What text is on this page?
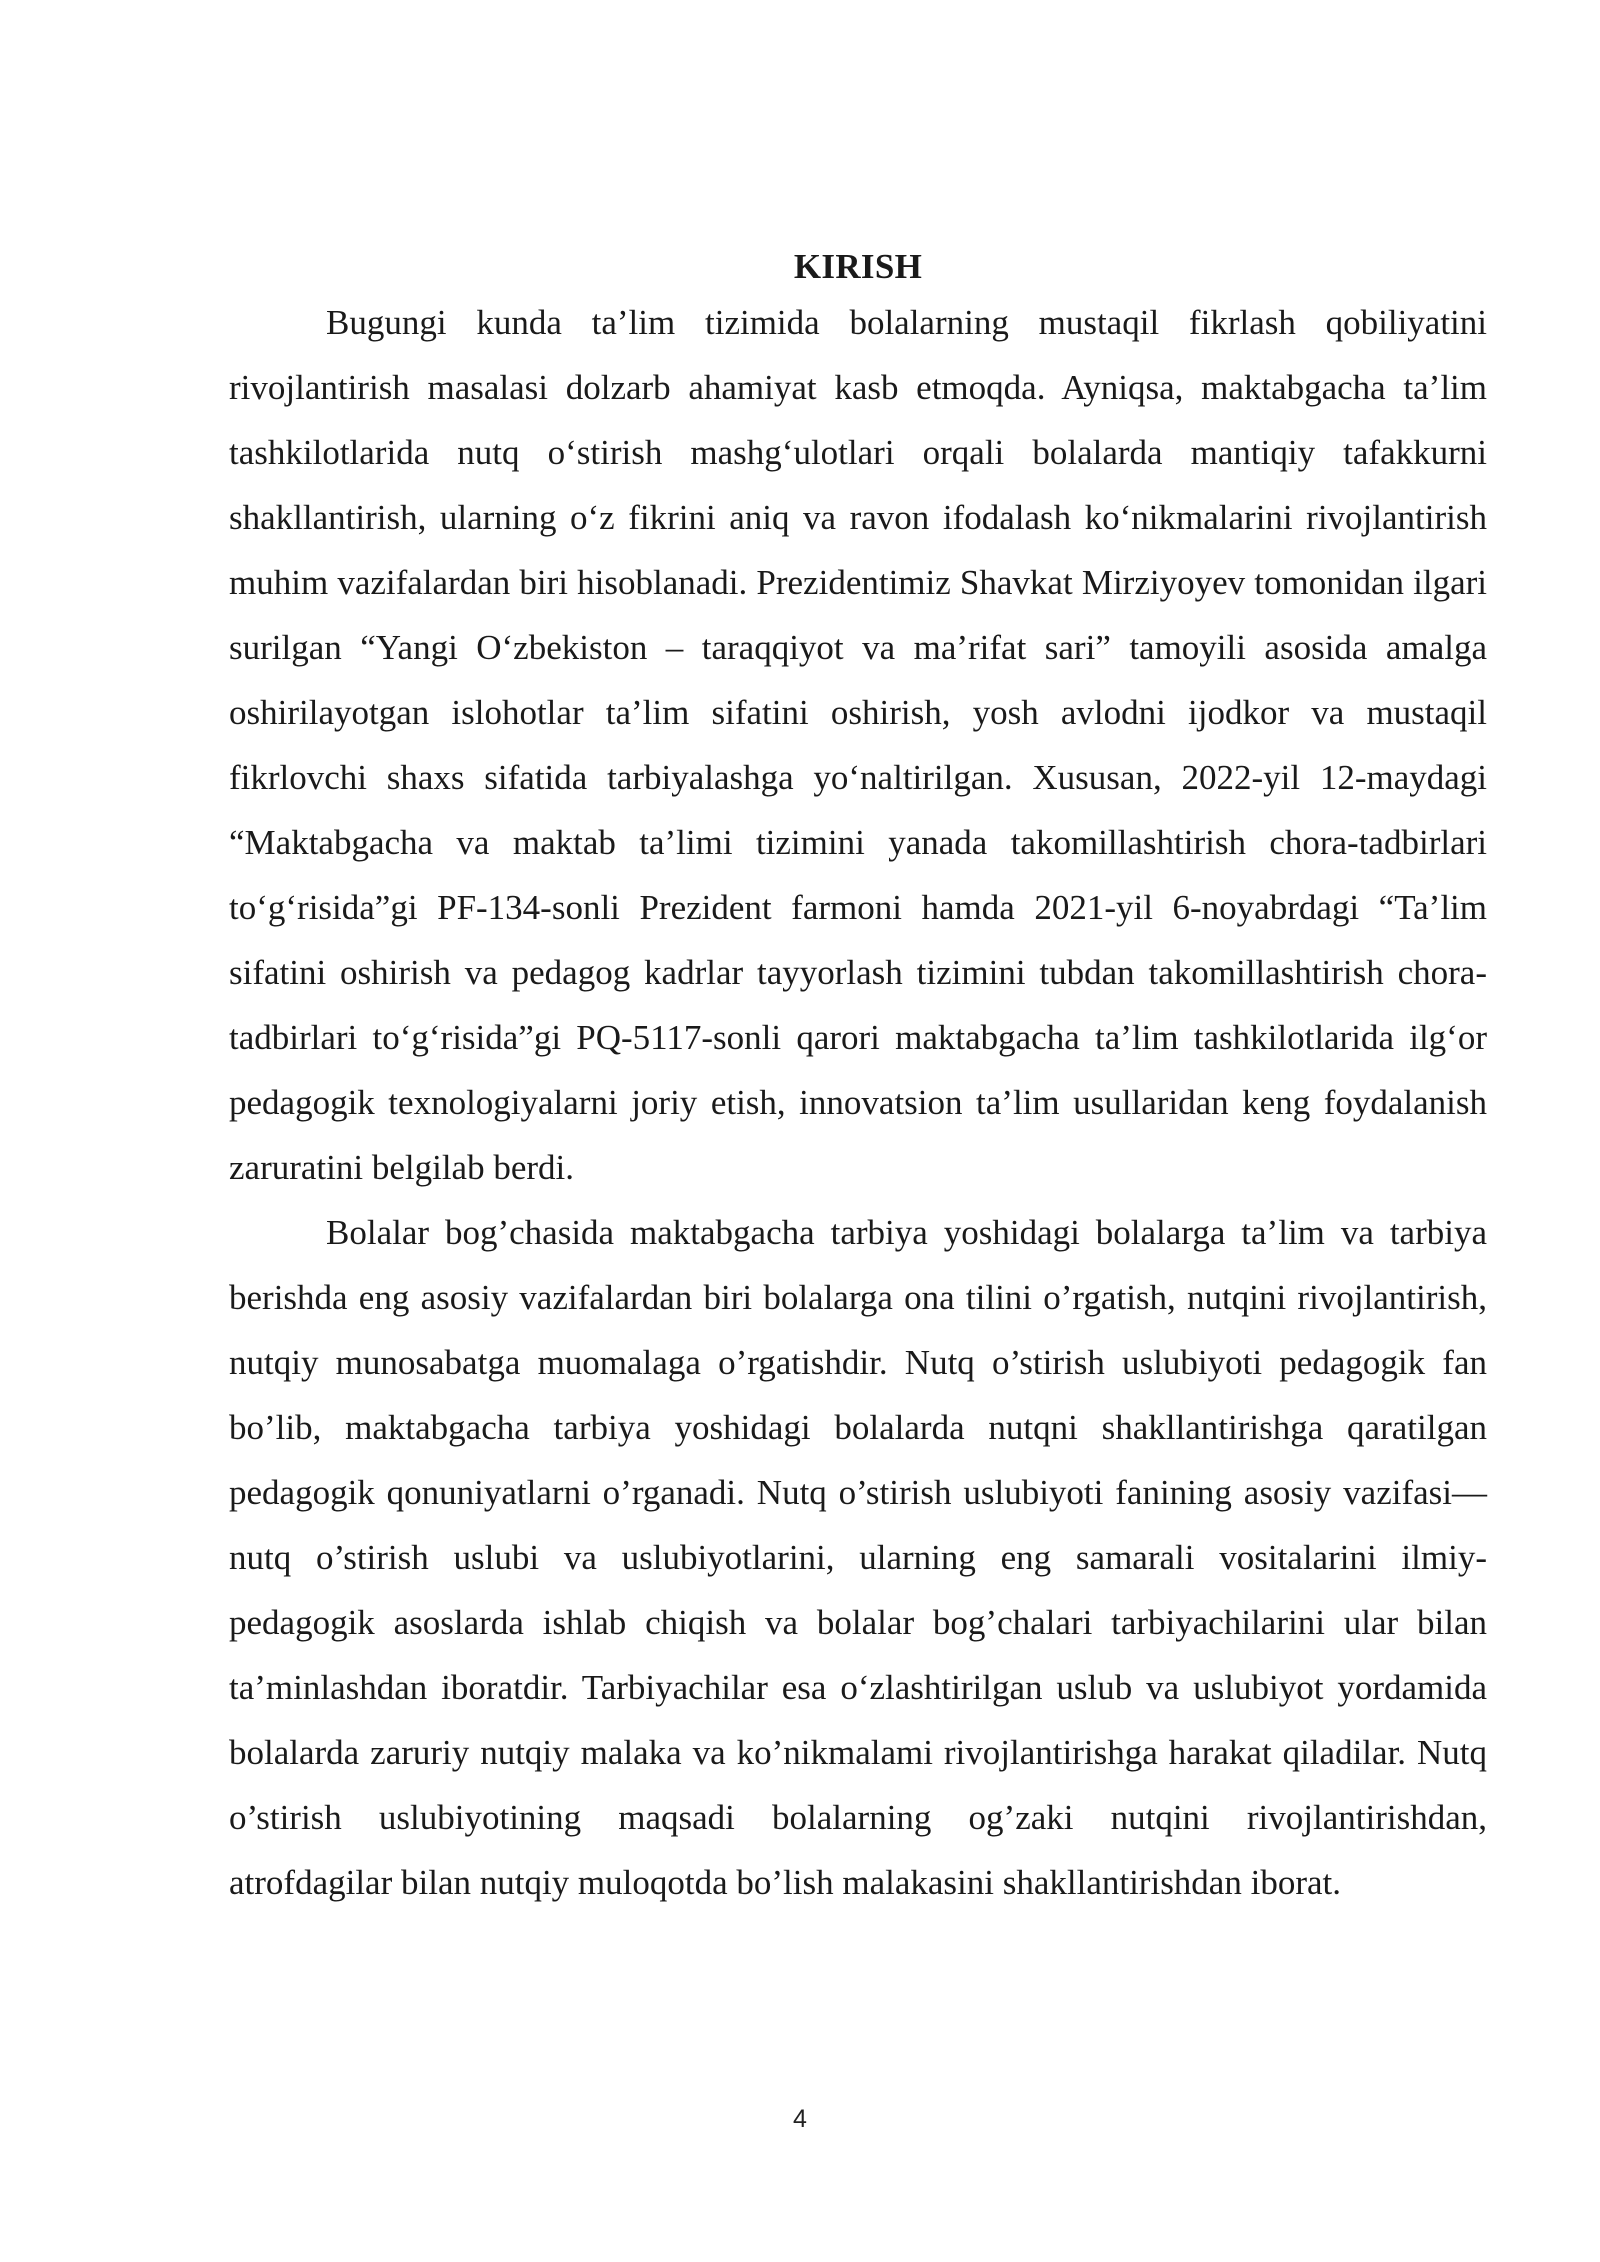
KIRISH

Bugungi kunda ta’lim tizimida bolalarning mustaqil fikrlash qobiliyatini rivojlantirish masalasi dolzarb ahamiyat kasb etmoqda. Ayniqsa, maktabgacha ta’lim tashkilotlarida nutq o‘stirish mashg‘ulotlari orqali bolalarda mantiqiy tafakkurni shakllantirish, ularning o‘z fikrini aniq va ravon ifodalash ko‘nikmalarini rivojlantirish muhim vazifalardan biri hisoblanadi. Prezidentimiz Shavkat Mirziyoyev tomonidan ilgari surilgan “Yangi O‘zbekiston – taraqqiyot va ma’rifat sari” tamoyili asosida amalga oshirilayotgan islohotlar ta’lim sifatini oshirish, yosh avlodni ijodkor va mustaqil fikrlovchi shaxs sifatida tarbiyalashga yo‘naltirilgan. Xususan, 2022-yil 12-maydagi “Maktabgacha va maktab ta’limi tizimini yanada takomillashtirish chora-tadbirlari to‘g‘risida”gi PF-134-sonli Prezident farmoni hamda 2021-yil 6-noyabrdagi “Ta’lim sifatini oshirish va pedagog kadrlar tayyorlash tizimini tubdan takomillashtirish chora-tadbirlari to‘g‘risida”gi PQ-5117-sonli qarori maktabgacha ta’lim tashkilotlarida ilg‘or pedagogik texnologiyalarni joriy etish, innovatsion ta’lim usullaridan keng foydalanish zaruratini belgilab berdi.

Bolalar bog’chasida maktabgacha tarbiya yoshidagi bolalarga ta’lim va tarbiya berishda eng asosiy vazifalardan biri bolalarga ona tilini o’rgatish, nutqini rivojlantirish, nutqiy munosabatga muomalaga o’rgatishdir. Nutq o’stirish uslubiyoti pedagogik fan bo’lib, maktabgacha tarbiya yoshidagi bolalarda nutqni shakllantirishga qaratilgan pedagogik qonuniyatlarni o’rganadi. Nutq o’stirish uslubiyoti fanining asosiy vazifasi— nutq o’stirish uslubi va uslubiyotlarini, ularning eng samarali vositalarini ilmiy-pedagogik asoslarda ishlab chiqish va bolalar bog’chalari tarbiyachilarini ular bilan ta’minlashdan iboratdir. Tarbiyachilar esa o‘zlashtirilgan uslub va uslubiyot yordamida bolalarda zaruriy nutqiy malaka va ko’nikmalami rivojlantirishga harakat qiladilar. Nutq o’stirish uslubiyotining maqsadi bolalarning og’zaki nutqini rivojlantirishdan, atrofdagilar bilan nutqiy muloqotda bo’lish malakasini shakllantirishdan iborat.

4
